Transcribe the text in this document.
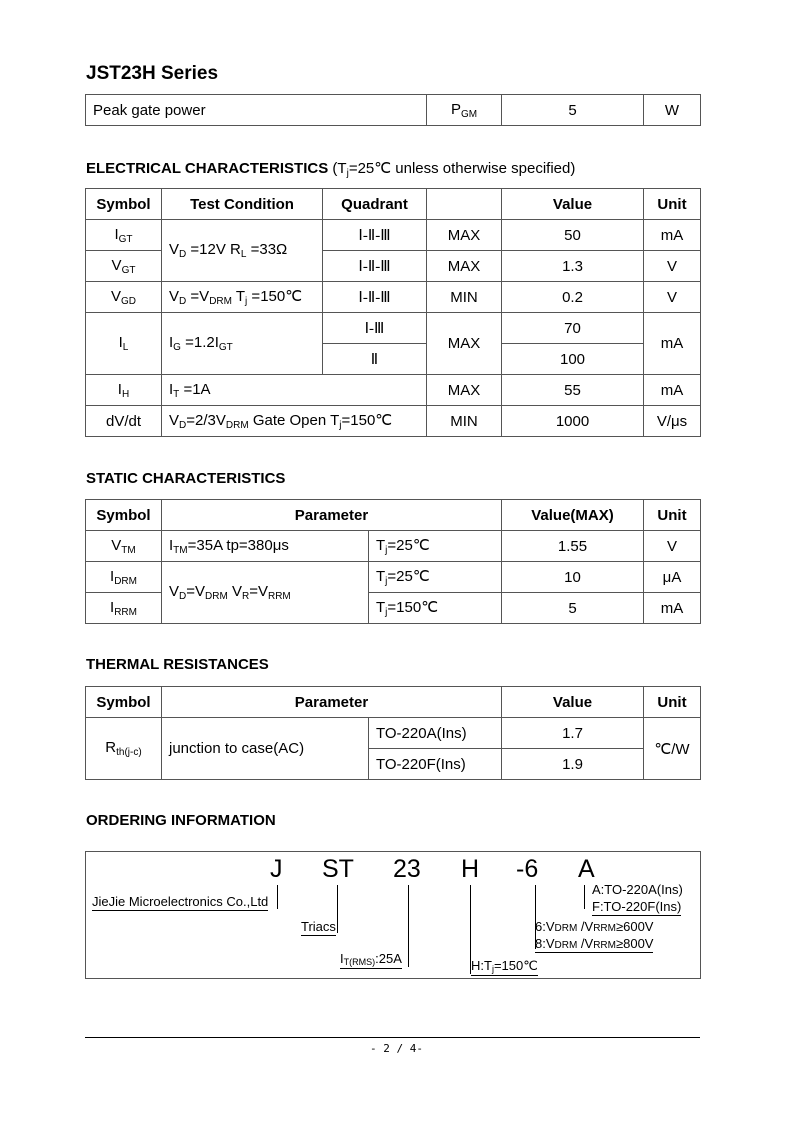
JST23H Series
Peak gate power	$P_{GM}$	5	W
ELECTRICAL CHARACTERISTICS ($T_j=25℃$ unless otherwise specified)
Symbol	Test Condition	Quadrant		Value	Unit
$I_{GT}$	$V_D =12V$ $R_L =33\Omega$	Ⅰ-Ⅱ-Ⅲ	MAX	50	mA
$V_{GT}$		Ⅰ-Ⅱ-Ⅲ	MAX	1.3	V
$V_{GD}$	$V_D =V_{DRM}$ $T_j$ =150℃	Ⅰ-Ⅱ-Ⅲ	MIN	0.2	V
$I_L$	$I_G =1.2I_{GT}$	Ⅰ-Ⅲ	MAX	70	mA
		Ⅱ		100	
$I_H$	$I_T =1A$		MAX	55	mA
dV/dt	$V_D=2/3V_{DRM}$ Gate Open $T_j=150℃$		MIN	1000	V/μs
STATIC CHARACTERISTICS
Symbol	Parameter		Value(MAX)	Unit
$V_{TM}$	$I_{TM}=35A$ tp=380μs	$T_j=25℃$	1.55	V
$I_{DRM}$	$V_D=V_{DRM}$ $V_R=V_{RRM}$	$T_j=25℃$	10	μA
$I_{RRM}$		$T_j=150℃$	5	mA
THERMAL RESISTANCES
Symbol	Parameter		Value	Unit
$R_{th(j-c)}$	junction to case(AC)	TO-220A(Ins)	1.7	℃/W
		TO-220F(Ins)	1.9	
ORDERING INFORMATION
J ST 23 H -6 A
JieJie Microelectronics Co.,Ltd
Triacs
$I_{T(RMS)}:25A$	$H:T_j=150℃$
6:VDRM /VRRM≥600V
8:VDRM /VRRM≥800V
A:TO-220A(Ins)
F:TO-220F(Ins)
- 2 / 4-
